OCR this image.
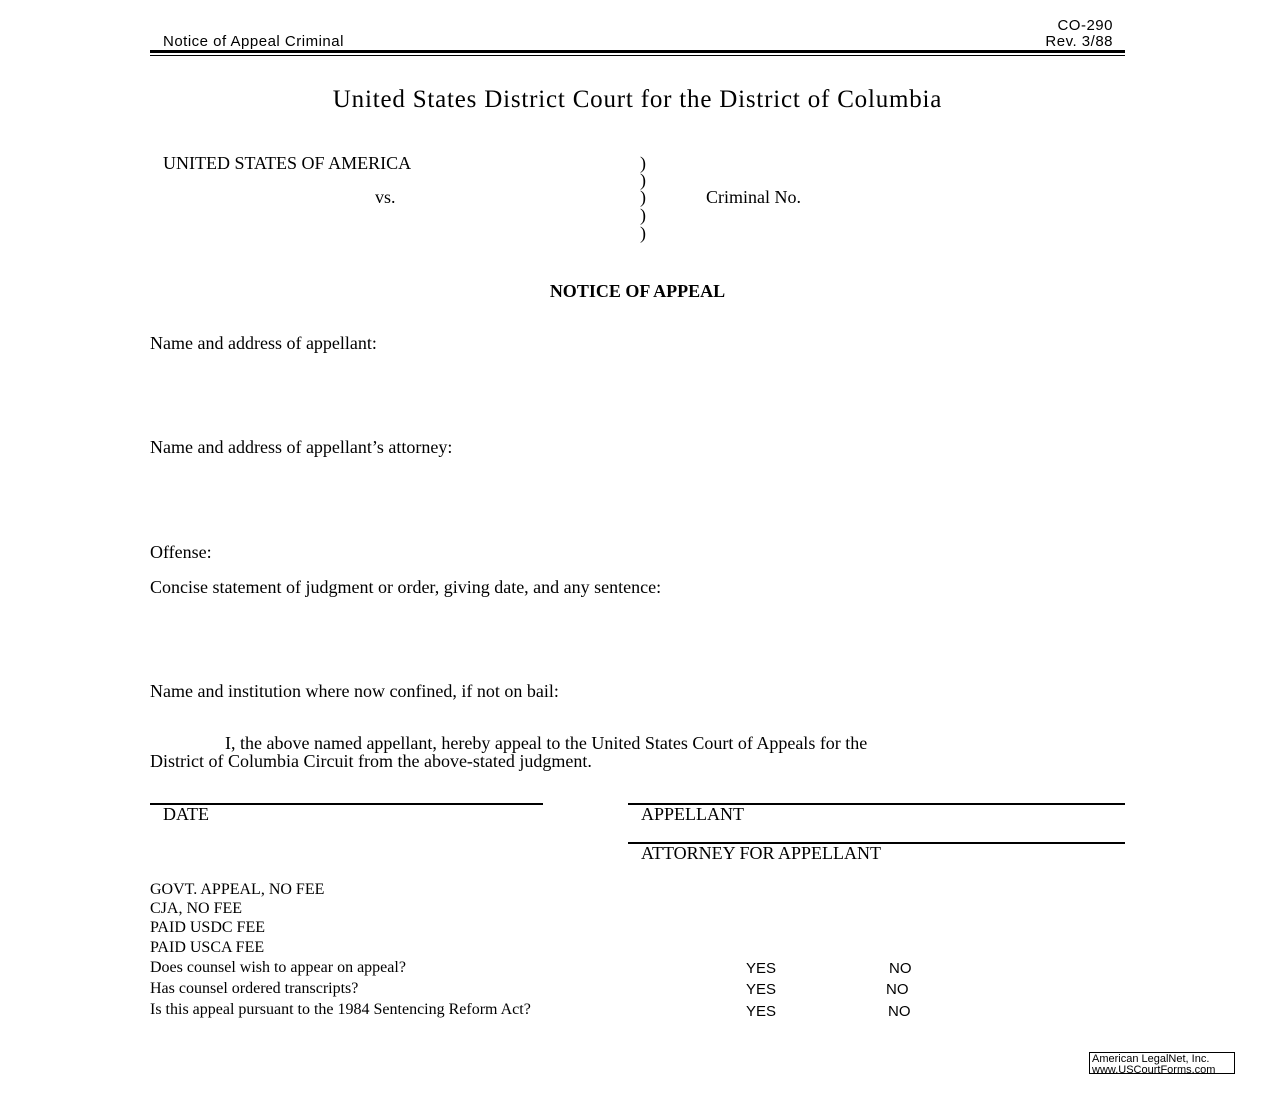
Notice of Appeal Criminal
CO-290
Rev. 3/88
United States District Court for the District of Columbia
UNITED STATES OF AMERICA
vs.	Criminal No.
)
)
)
)
)
NOTICE OF APPEAL
Name and address of appellant:
Name and address of appellant’s attorney:
Offense:
Concise statement of judgment or order, giving date, and any sentence:
Name and institution where now confined, if not on bail:
I, the above named appellant, hereby appeal to the United States Court of Appeals for the
District of Columbia Circuit from the above-stated judgment.
DATE	APPELLANT
ATTORNEY FOR APPELLANT
GOVT. APPEAL, NO FEE
CJA, NO FEE
PAID USDC FEE
PAID USCA FEE
Does counsel wish to appear on appeal?	YES	NO
Has counsel ordered transcripts?	YES	NO
Is this appeal pursuant to the 1984 Sentencing Reform Act?	YES	NO
American LegalNet, Inc.
www.USCourtForms.com
